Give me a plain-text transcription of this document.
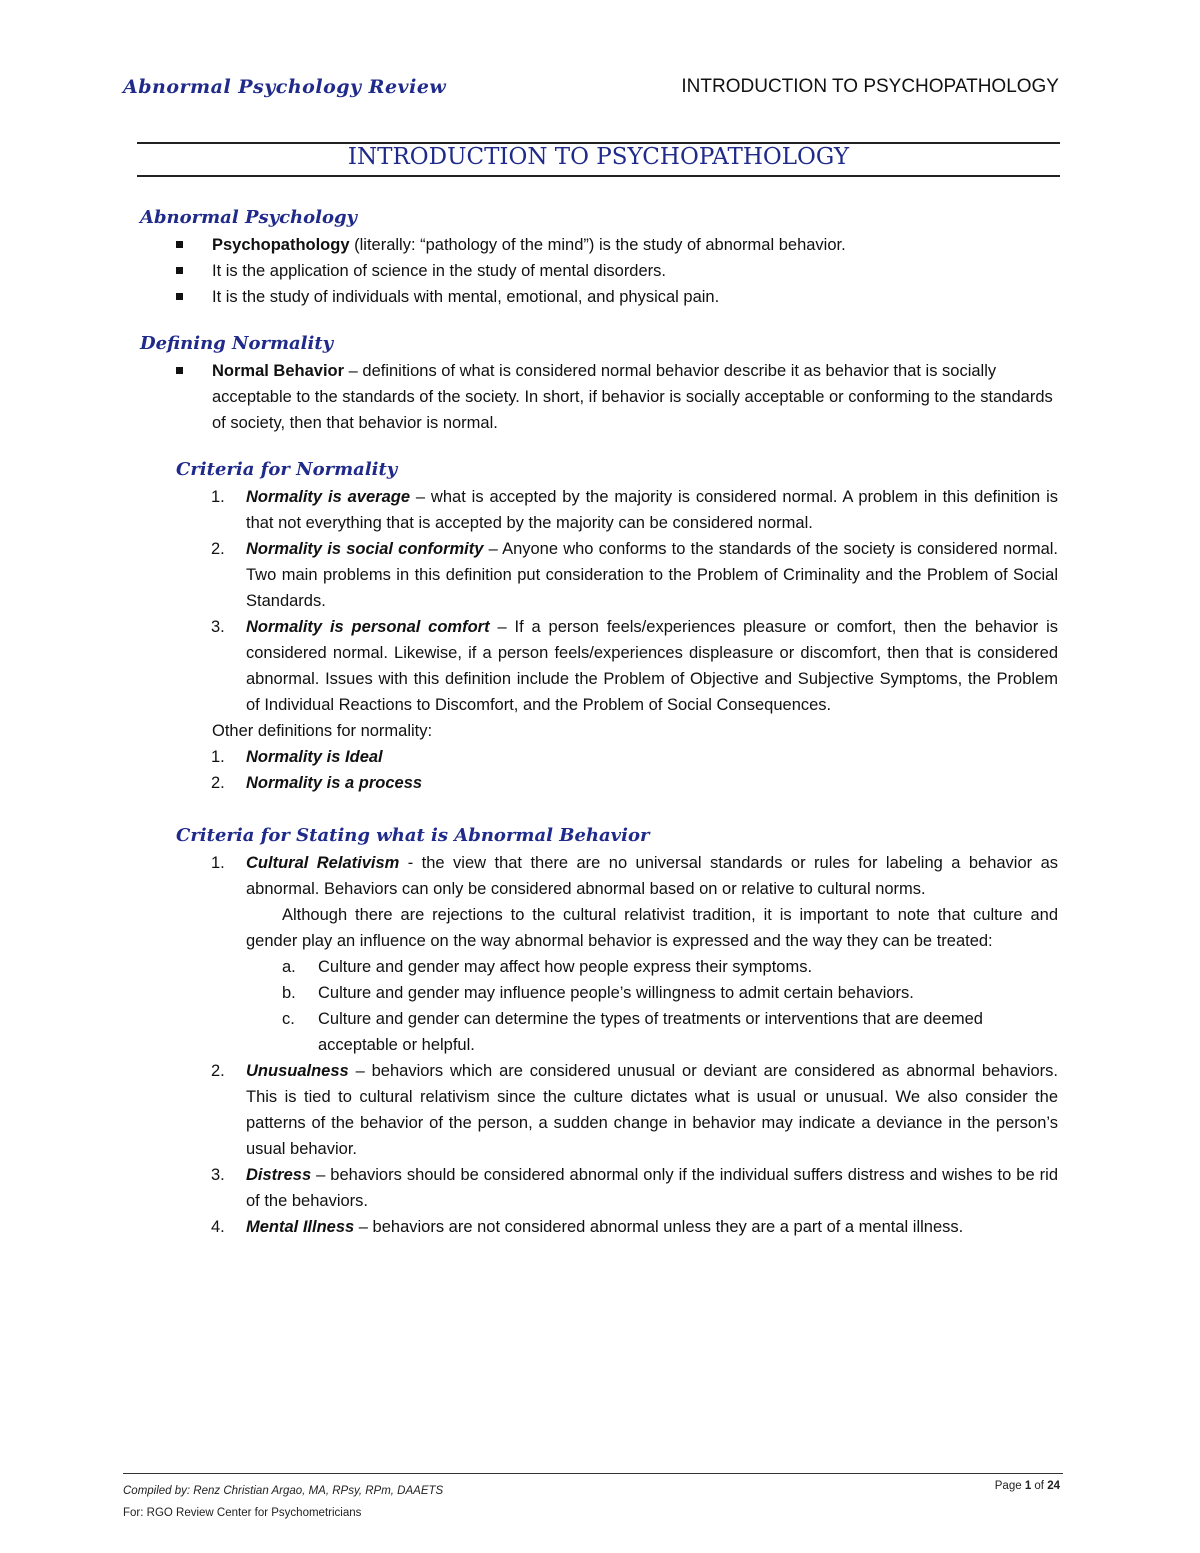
Abnormal Psychology Review	INTRODUCTION TO PSYCHOPATHOLOGY
INTRODUCTION TO PSYCHOPATHOLOGY
Abnormal Psychology
Psychopathology (literally: “pathology of the mind”) is the study of abnormal behavior.
It is the application of science in the study of mental disorders.
It is the study of individuals with mental, emotional, and physical pain.
Defining Normality
Normal Behavior – definitions of what is considered normal behavior describe it as behavior that is socially acceptable to the standards of the society. In short, if behavior is socially acceptable or conforming to the standards of society, then that behavior is normal.
Criteria for Normality
1. Normality is average – what is accepted by the majority is considered normal. A problem in this definition is that not everything that is accepted by the majority can be considered normal.
2. Normality is social conformity – Anyone who conforms to the standards of the society is considered normal. Two main problems in this definition put consideration to the Problem of Criminality and the Problem of Social Standards.
3. Normality is personal comfort – If a person feels/experiences pleasure or comfort, then the behavior is considered normal. Likewise, if a person feels/experiences displeasure or discomfort, then that is considered abnormal. Issues with this definition include the Problem of Objective and Subjective Symptoms, the Problem of Individual Reactions to Discomfort, and the Problem of Social Consequences.
Other definitions for normality:
1. Normality is Ideal
2. Normality is a process
Criteria for Stating what is Abnormal Behavior
1. Cultural Relativism - the view that there are no universal standards or rules for labeling a behavior as abnormal. Behaviors can only be considered abnormal based on or relative to cultural norms.
Although there are rejections to the cultural relativist tradition, it is important to note that culture and gender play an influence on the way abnormal behavior is expressed and the way they can be treated:
a. Culture and gender may affect how people express their symptoms.
b. Culture and gender may influence people’s willingness to admit certain behaviors.
c. Culture and gender can determine the types of treatments or interventions that are deemed acceptable or helpful.
2. Unusualness – behaviors which are considered unusual or deviant are considered as abnormal behaviors. This is tied to cultural relativism since the culture dictates what is usual or unusual. We also consider the patterns of the behavior of the person, a sudden change in behavior may indicate a deviance in the person’s usual behavior.
3. Distress – behaviors should be considered abnormal only if the individual suffers distress and wishes to be rid of the behaviors.
4. Mental Illness – behaviors are not considered abnormal unless they are a part of a mental illness.
Compiled by: Renz Christian Argao, MA, RPsy, RPm, DAAETS
For: RGO Review Center for Psychometricians
Page 1 of 24
